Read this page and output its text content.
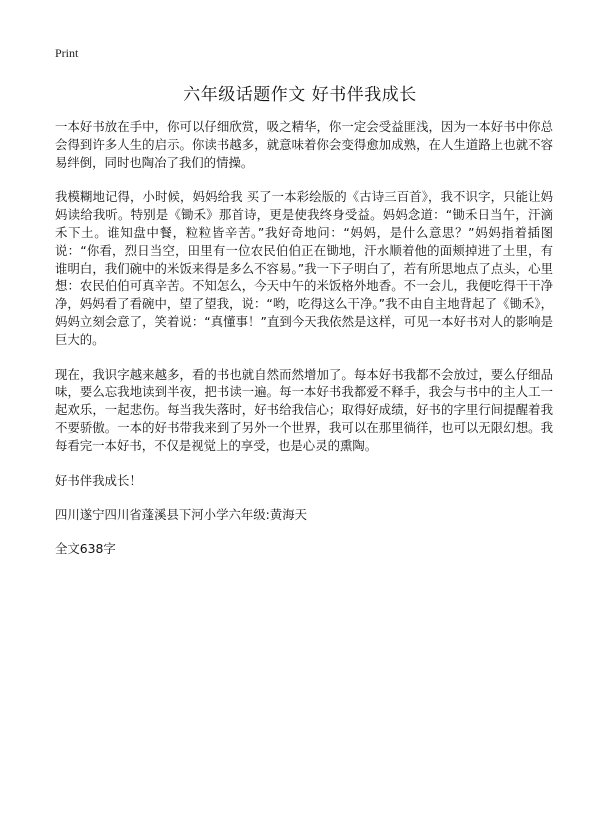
Print
六年级话题作文 好书伴我成长

一本好书放在手中，你可以仔细欣赏，吸之精华，你一定会受益匪浅，因为一本好书中你总会得到许多人生的启示。你读书越多，就意味着你会变得愈加成熟，在人生道路上也就不容易绊倒，同时也陶冶了我们的情操。

我模糊地记得，小时候，妈妈给我 买了一本彩绘版的《古诗三百首》，我不识字，只能让妈妈读给我听。特别是《锄禾》那首诗，更是使我终身受益。妈妈念道：“锄禾日当午，汗滴禾下土。谁知盘中餐，粒粒皆辛苦。”我好奇地问：“妈妈，是什么意思？”妈妈指着插图说：“你看，烈日当空，田里有一位农民伯伯正在锄地，汗水顺着他的面颊掉进了土里，有谁明白，我们碗中的米饭来得是多么不容易。”我一下子明白了，若有所思地点了点头，心里想：农民伯伯可真辛苦。不知怎么，今天中午的米饭格外地香。不一会儿，我便吃得干干净净，妈妈看了看碗中，望了望我，说：“哟，吃得这么干净。”我不由自主地背起了《锄禾》，妈妈立刻会意了，笑着说：“真懂事！”直到今天我依然是这样，可见一本好书对人的影响是巨大的。

现在，我识字越来越多，看的书也就自然而然增加了。每本好书我都不会放过，要么仔细品味，要么忘我地读到半夜，把书读一遍。每一本好书我都爱不释手，我会与书中的主人工一起欢乐，一起悲伤。每当我失落时，好书给我信心；取得好成绩，好书的字里行间提醒着我不要骄傲。一本的好书带我来到了另外一个世界，我可以在那里徜徉，也可以无限幻想。我每看完一本好书，不仅是视觉上的享受，也是心灵的熏陶。

好书伴我成长！

四川遂宁四川省蓬溪县下河小学六年级:黄海天

全文638字
